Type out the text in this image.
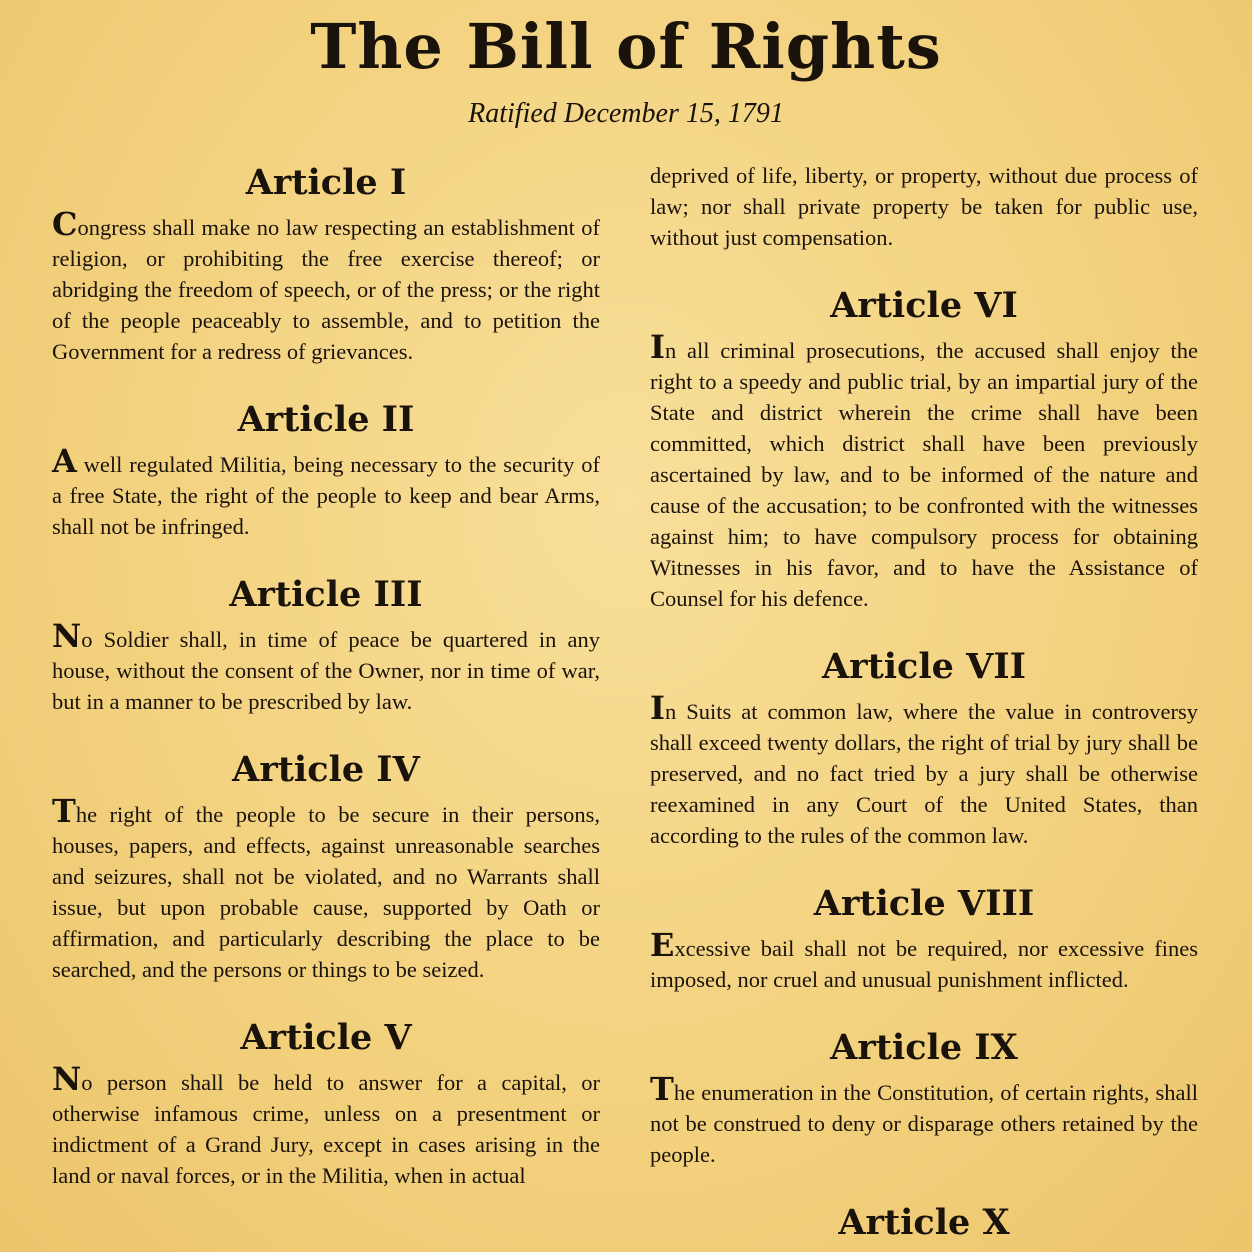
The Bill of Rights
Ratified December 15, 1791
Article I

Congress shall make no law respecting an establishment of religion, or prohibiting the free exercise thereof; or abridging the freedom of speech, or of the press; or the right of the people peaceably to assemble, and to petition the Government for a redress of grievances.

Article II

A well regulated Militia, being necessary to the security of a free State, the right of the people to keep and bear Arms, shall not be infringed.

Article III

No Soldier shall, in time of peace be quartered in any house, without the consent of the Owner, nor in time of war, but in a manner to be prescribed by law.

Article IV

The right of the people to be secure in their persons, houses, papers, and effects, against unreasonable searches and seizures, shall not be violated, and no Warrants shall issue, but upon probable cause, supported by Oath or affirmation, and particularly describing the place to be searched, and the persons or things to be seized.

Article V

No person shall be held to answer for a capital, or otherwise infamous crime, unless on a presentment or indictment of a Grand Jury, except in cases arising in the land or naval forces, or in the Militia, when in actual

deprived of life, liberty, or property, without due process of law; nor shall private property be taken for public use, without just compensation.

Article VI

In all criminal prosecutions, the accused shall enjoy the right to a speedy and public trial, by an impartial jury of the State and district wherein the crime shall have been committed, which district shall have been previously ascertained by law, and to be informed of the nature and cause of the accusation; to be confronted with the witnesses against him; to have compulsory process for obtaining Witnesses in his favor, and to have the Assistance of Counsel for his defence.

Article VII

In Suits at common law, where the value in controversy shall exceed twenty dollars, the right of trial by jury shall be preserved, and no fact tried by a jury shall be otherwise reexamined in any Court of the United States, than according to the rules of the common law.

Article VIII

Excessive bail shall not be required, nor excessive fines imposed, nor cruel and unusual punishment inflicted.

Article IX

The enumeration in the Constitution, of certain rights, shall not be construed to deny or disparage others retained by the people.

Article X
